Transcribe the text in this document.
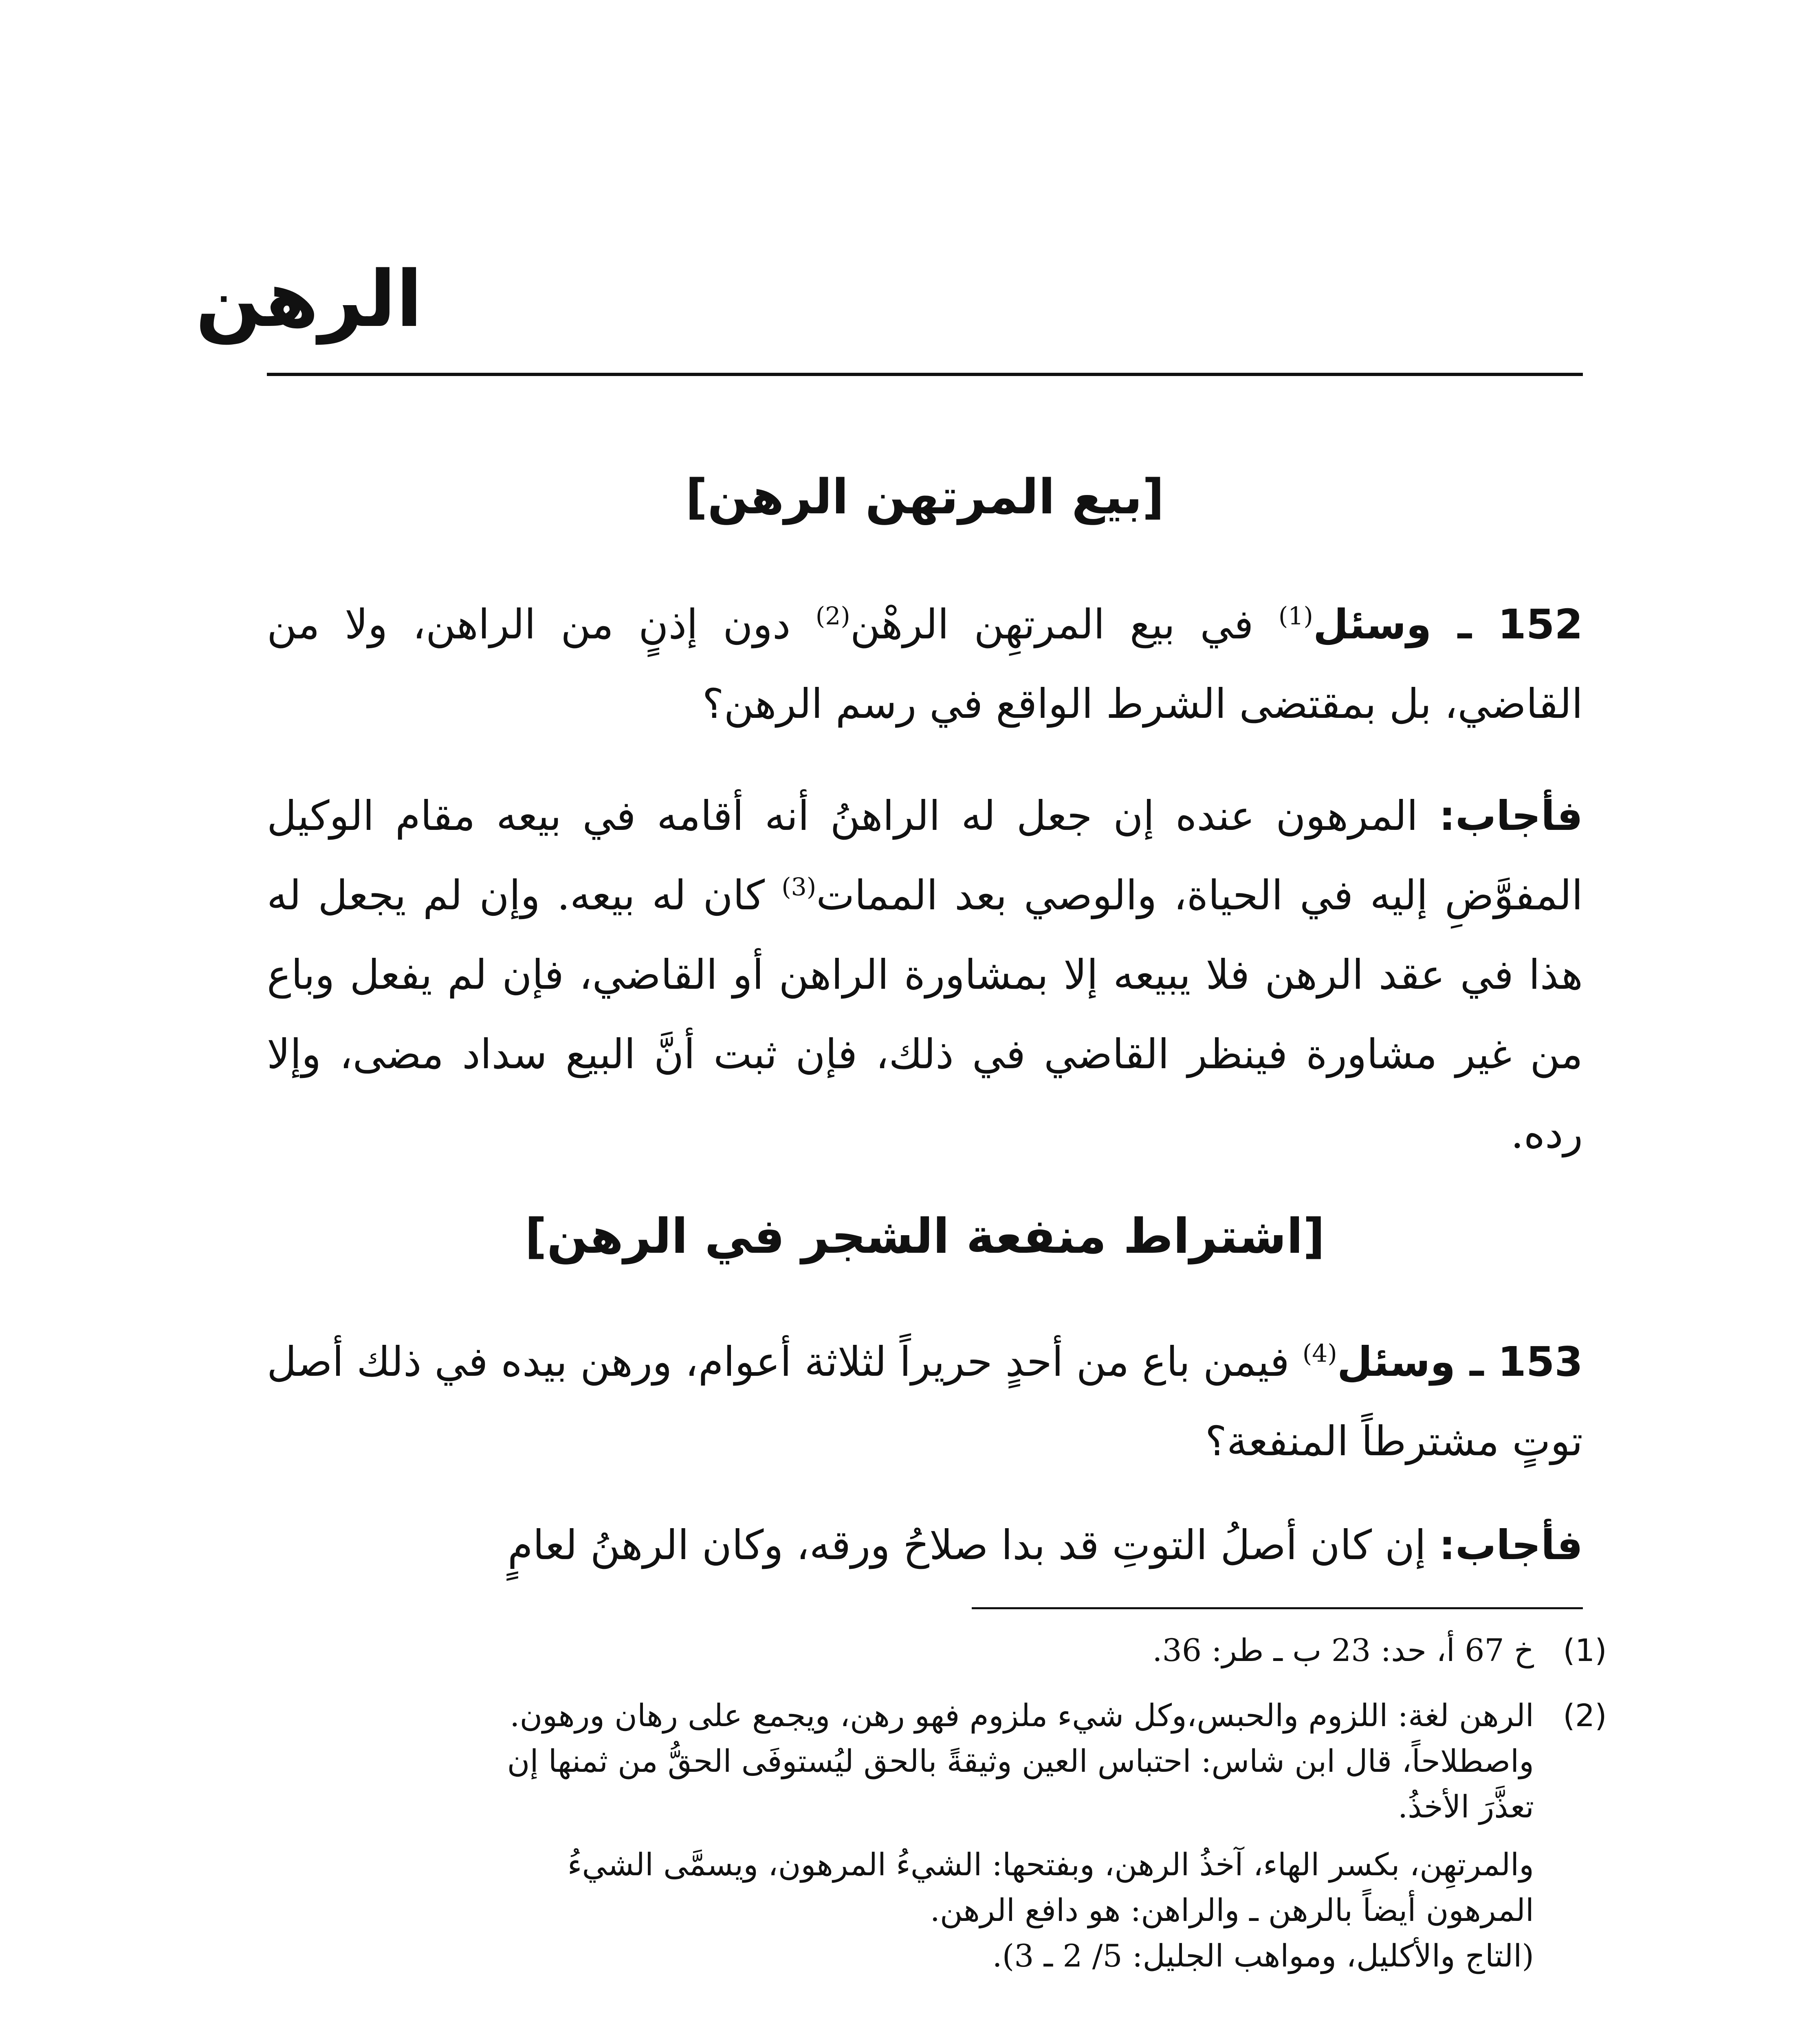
الرهن
[بيع المرتهن الرهن]
152 ـ وسئل$^{(1)}$ في بيع المرتهِن الرهْن$^{(2)}$ دون إذنٍ من الراهن، ولا من القاضي، بل بمقتضى الشرط الواقع في رسم الرهن؟
فأجاب: المرهون عنده إن جعل له الراهنُ أنه أقامه في بيعه مقام الوكيل المفوَّضِ إليه في الحياة، والوصي بعد الممات$^{(3)}$ كان له بيعه. وإن لم يجعل له هذا في عقد الرهن فلا يبيعه إلا بمشاورة الراهن أو القاضي، فإن لم يفعل وباع من غير مشاورة فينظر القاضي في ذلك، فإن ثبت أنَّ البيع سداد مضى، وإلا رده.
[اشتراط منفعة الشجر في الرهن]
153 ـ وسئل$^{(4)}$ فيمن باع من أحدٍ حريراً لثلاثة أعوام، ورهن بيده في ذلك أصل توتٍ مشترطاً المنفعة؟
فأجاب: إن كان أصلُ التوتِ قد بدا صلاحُ ورقه، وكان الرهنُ لعامٍ
(1)
خ 67 أ، حد: 23 ب ـ طر: 36.
(2)
الرهن لغة: اللزوم والحبس،وكل شيء ملزوم فهو رهن، ويجمع على رهان ورهون.
واصطلاحاً، قال ابن شاس: احتباس العين وثيقةً بالحق ليُستوفَى الحقُّ من ثمنها إن
تعذَّرَ الأخذُ.
والمرتهِن، بكسر الهاء، آخذُ الرهن، وبفتحها: الشيءُ المرهون، ويسمَّى الشيءُ
المرهون أيضاً بالرهن ـ والراهن: هو دافع الرهن.
(التاج والأكليل، ومواهب الجليل: 5/ 2 ـ 3).
